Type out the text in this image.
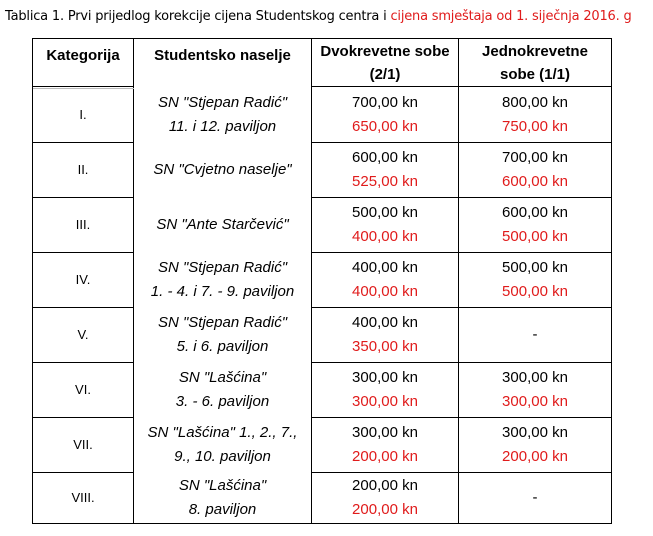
Tablica 1. Prvi prijedlog korekcije cijena Studentskog centra i cijena smještaja od 1. siječnja 2016. g
Kategorija Studentsko naselje Dvokrevetne sobe
(2/1)
Jednokrevetne
sobe (1/1)
I.
SN "Stjepan Radić"
11. i 12. paviljon
700,00 kn
650,00 kn
800,00 kn
750,00 kn
II.	SN "Cvjetno naselje"
600,00 kn
525,00 kn
700,00 kn
600,00 kn
III.	SN "Ante Starčević"
500,00 kn
400,00 kn
600,00 kn
500,00 kn
IV.
SN "Stjepan Radić"
1. - 4. i 7. - 9. paviljon
400,00 kn
400,00 kn
500,00 kn
500,00 kn
V.
SN "Stjepan Radić"
5. i 6. paviljon
400,00 kn
350,00 kn
-
VI.
SN "Lašćina"
3. - 6. paviljon
300,00 kn
300,00 kn
300,00 kn
300,00 kn
VII.
SN "Lašćina" 1., 2., 7.,
9., 10. paviljon
300,00 kn
200,00 kn
300,00 kn
200,00 kn
VIII.
SN "Lašćina"
8. paviljon
200,00 kn
200,00 kn
-
